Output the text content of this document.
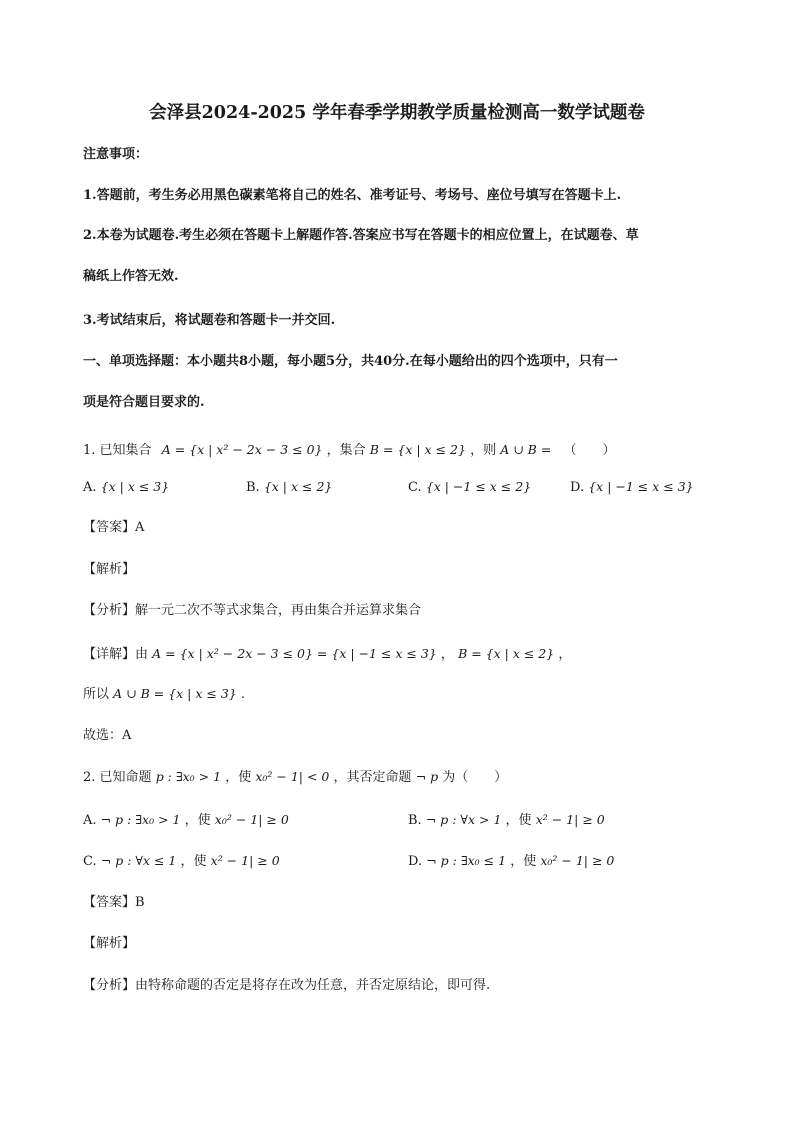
会泽县2024-2025 学年春季学期教学质量检测高一数学试题卷
注意事项：
1.答题前，考生务必用黑色碳素笔将自己的姓名、准考证号、考场号、座位号填写在答题卡上.
2.本卷为试题卷.考生必须在答题卡上解题作答.答案应书写在答题卡的相应位置上，在试题卷、草
稿纸上作答无效.
3.考试结束后，将试题卷和答题卡一并交回.
一、单项选择题：本小题共8小题，每小题5分，共40分.在每小题给出的四个选项中，只有一
项是符合题目要求的.
1. 已知集合 A = {x | x² − 2x − 3 ≤ 0} ，集合 B = {x | x ≤ 2} ，则 A ∪ B = （　　）
A. {x | x ≤ 3}	B. {x | x ≤ 2}	C. {x | −1 ≤ x ≤ 2}	D. {x | −1 ≤ x ≤ 3}
【答案】A
【解析】
【分析】解一元二次不等式求集合，再由集合并运算求集合
【详解】由 A = {x | x² − 2x − 3 ≤ 0} = {x | −1 ≤ x ≤ 3} ， B = {x | x ≤ 2} ，
所以 A ∪ B = {x | x ≤ 3} .
故选：A
2. 已知命题 p : ∃x₀ > 1 ，使 x₀² − 1| < 0 ，其否定命题 ¬ p 为（　　）
A. ¬ p : ∃x₀ > 1 ，使 x₀² − 1| ≥ 0	B. ¬ p : ∀x > 1 ，使 x² − 1| ≥ 0
C. ¬ p : ∀x ≤ 1 ，使 x² − 1| ≥ 0	D. ¬ p : ∃x₀ ≤ 1 ，使 x₀² − 1| ≥ 0
【答案】B
【解析】
【分析】由特称命题的否定是将存在改为任意，并否定原结论，即可得.
